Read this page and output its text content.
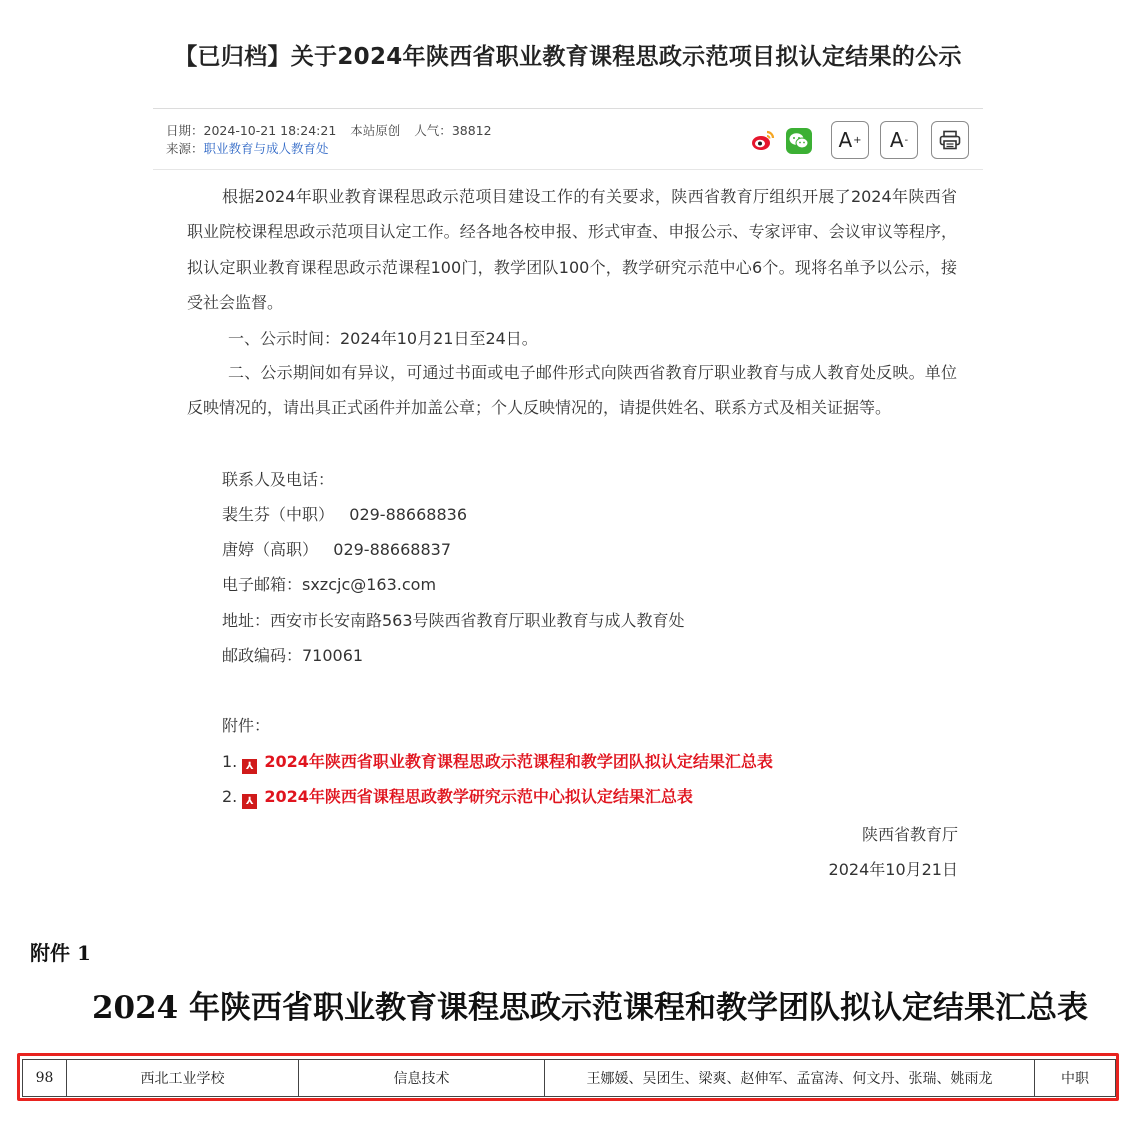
【已归档】关于2024年陕西省职业教育课程思政示范项目拟认定结果的公示
日期：2024-10-21 18:24:21 本站原创 人气：38812
来源：职业教育与成人教育处	A + A -
根据2024年职业教育课程思政示范项目建设工作的有关要求，陕西省教育厅组织开展了2024年陕西省职业院校课程思政示范项目认定工作。经各地各校申报、形式审查、申报公示、专家评审、会议审议等程序，拟认定职业教育课程思政示范课程100门，教学团队100个，教学研究示范中心6个。现将名单予以公示，接受社会监督。
一、公示时间：2024年10月21日至24日。
二、公示期间如有异议，可通过书面或电子邮件形式向陕西省教育厅职业教育与成人教育处反映。单位反映情况的，请出具正式函件并加盖公章；个人反映情况的，请提供姓名、联系方式及相关证据等。
联系人及电话：
裴生芬（中职）   029-88668836
唐婷（高职）   029-88668837
电子邮箱：sxzcjc@163.com
地址：西安市长安南路563号陕西省教育厅职业教育与成人教育处
邮政编码：710061
附件：
1. ⅄ 2024年陕西省职业教育课程思政示范课程和教学团队拟认定结果汇总表
2. ⅄ 2024年陕西省课程思政教学研究示范中心拟认定结果汇总表
陕西省教育厅
2024年10月21日
附件 1
2024 年陕西省职业教育课程思政示范课程和教学团队拟认定结果汇总表
98	西北工业学校	信息技术	王娜媛、吴团生、梁爽、赵伸军、孟富涛、何文丹、张瑞、姚雨龙	中职
